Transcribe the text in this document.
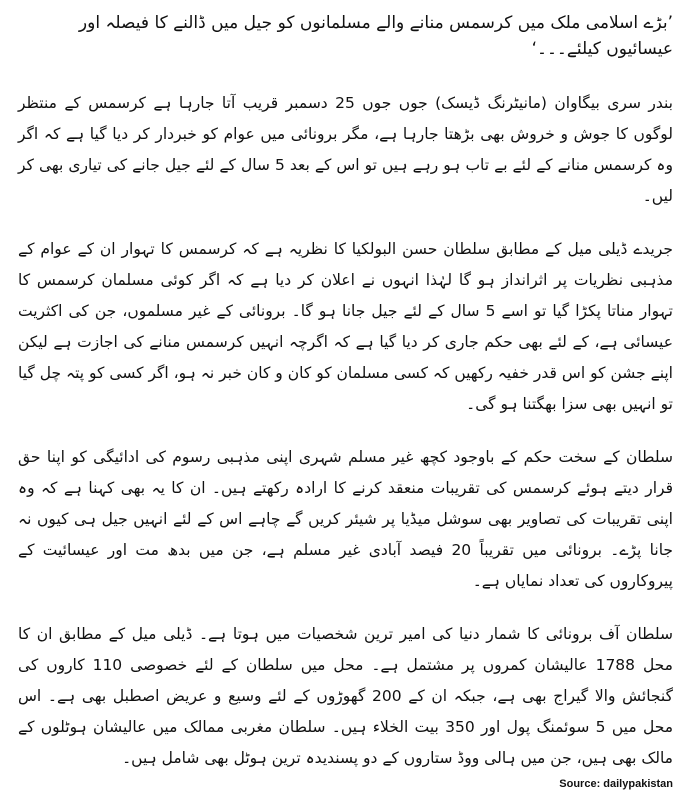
’بڑے اسلامی ملک میں کرسمس منانے والے مسلمانوں کو جیل میں ڈالنے کا فیصلہ اور عیسائیوں کیلئے۔۔۔‘

بندر سری بیگاوان (مانیٹرنگ ڈیسک) جوں جوں 25 دسمبر قریب آتا جارہا ہے کرسمس کے منتظر لوگوں کا جوش و خروش بھی بڑھتا جارہا ہے، مگر برونائی میں عوام کو خبردار کر دیا گیا ہے کہ اگر وہ کرسمس منانے کے لئے بے تاب ہو رہے ہیں تو اس کے بعد 5 سال کے لئے جیل جانے کی تیاری بھی کر لیں۔

جریدے ڈیلی میل کے مطابق سلطان حسن البولکیا کا نظریہ ہے کہ کرسمس کا تہوار ان کے عوام کے مذہبی نظریات پر اثرانداز ہو گا لہٰذا انہوں نے اعلان کر دیا ہے کہ اگر کوئی مسلمان کرسمس کا تہوار مناتا پکڑا گیا تو اسے 5 سال کے لئے جیل جانا ہو گا۔ برونائی کے غیر مسلموں، جن کی اکثریت عیسائی ہے، کے لئے بھی حکم جاری کر دیا گیا ہے کہ اگرچہ انہیں کرسمس منانے کی اجازت ہے لیکن اپنے جشن کو اس قدر خفیہ رکھیں کہ کسی مسلمان کو کان و کان خبر نہ ہو، اگر کسی کو پتہ چل گیا تو انہیں بھی سزا بھگتنا ہو گی۔

سلطان کے سخت حکم کے باوجود کچھ غیر مسلم شہری اپنی مذہبی رسوم کی ادائیگی کو اپنا حق قرار دیتے ہوئے کرسمس کی تقریبات منعقد کرنے کا ارادہ رکھتے ہیں۔ ان کا یہ بھی کہنا ہے کہ وہ اپنی تقریبات کی تصاویر بھی سوشل میڈیا پر شیئر کریں گے چاہے اس کے لئے انہیں جیل ہی کیوں نہ جانا پڑے۔ برونائی میں تقریباً 20 فیصد آبادی غیر مسلم ہے، جن میں بدھ مت اور عیسائیت کے پیروکاروں کی تعداد نمایاں ہے۔

سلطان آف برونائی کا شمار دنیا کی امیر ترین شخصیات میں ہوتا ہے۔ ڈیلی میل کے مطابق ان کا محل 1788 عالیشان کمروں پر مشتمل ہے۔ محل میں سلطان کے لئے خصوصی 110 کاروں کی گنجائش والا گیراج بھی ہے، جبکہ ان کے 200 گھوڑوں کے لئے وسیع و عریض اصطبل بھی ہے۔ اس محل میں 5 سوئمنگ پول اور 350 بیت الخلاء ہیں۔ سلطان مغربی ممالک میں عالیشان ہوٹلوں کے مالک بھی ہیں، جن میں ہالی ووڈ ستاروں کے دو پسندیدہ ترین ہوٹل بھی شامل ہیں۔

Source: dailypakistan
